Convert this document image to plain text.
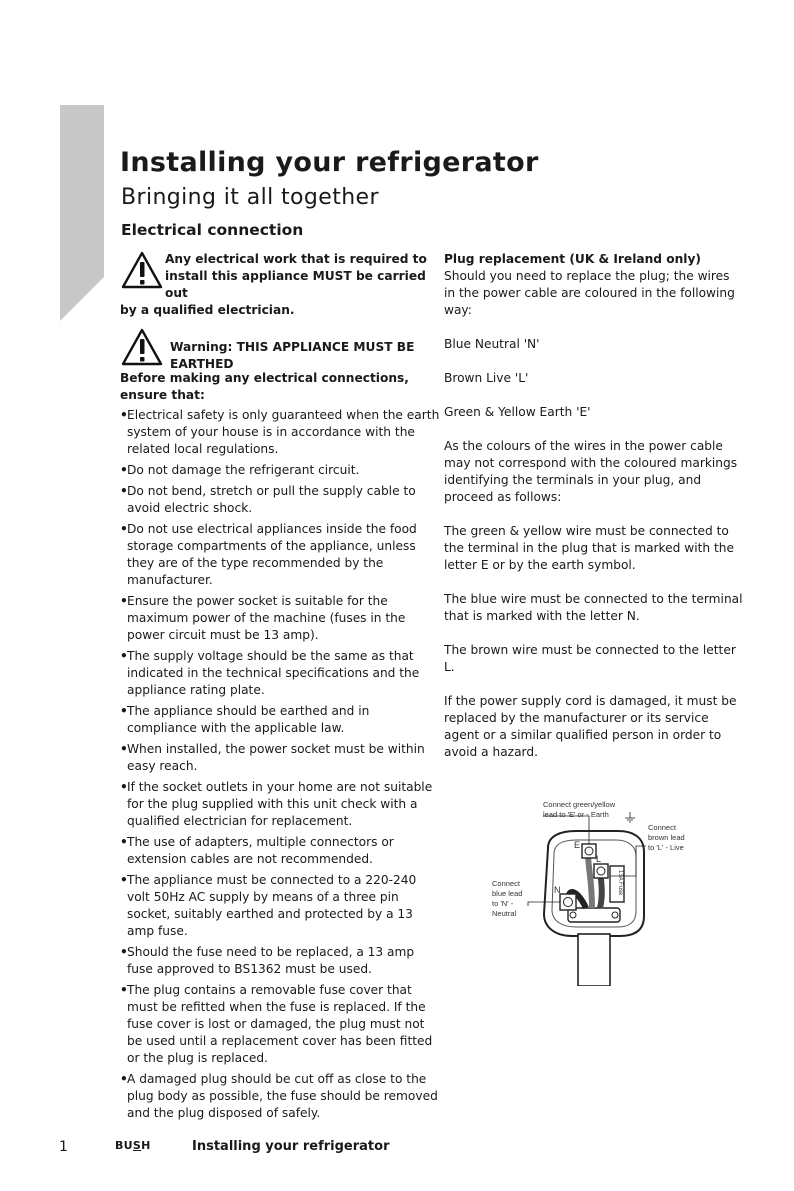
Installing your refrigerator
Bringing it all together
Electrical connection
Any electrical work that is required to
install this appliance MUST be carried out
by a qualified electrician.
Warning: THIS APPLIANCE MUST BE
EARTHED
Before making any electrical connections, ensure that:
• Electrical safety is only guaranteed when the earth system of your house is in accordance with the related local regulations.
• Do not damage the refrigerant circuit.
• Do not bend, stretch or pull the supply cable to avoid electric shock.
• Do not use electrical appliances inside the food storage compartments of the appliance, unless they are of the type recommended by the manufacturer.
• Ensure the power socket is suitable for the maximum power of the machine (fuses in the power circuit must be 13 amp).
• The supply voltage should be the same as that indicated in the technical specifications and the appliance rating plate.
• The appliance should be earthed and in compliance with the applicable law.
• When installed, the power socket must be within easy reach.
• If the socket outlets in your home are not suitable for the plug supplied with this unit check with a qualified electrician for replacement.
• The use of adapters, multiple connectors or extension cables are not recommended.
• The appliance must be connected to a 220-240 volt 50Hz AC supply by means of a three pin socket, suitably earthed and protected by a 13 amp fuse.
• Should the fuse need to be replaced, a 13 amp fuse approved to BS1362 must be used.
• The plug contains a removable fuse cover that must be refitted when the fuse is replaced. If the fuse cover is lost or damaged, the plug must not be used until a replacement cover has been fitted or the plug is replaced.
• A damaged plug should be cut off as close to the plug body as possible, the fuse should be removed and the plug disposed of safely.
Plug replacement (UK & Ireland only)

Should you need to replace the plug; the wires in the power cable are coloured in the following way:

Blue Neutral 'N'

Brown Live 'L'

Green & Yellow Earth 'E'

As the colours of the wires in the power cable may not correspond with the coloured markings identifying the terminals in your plug, and proceed as follows:

The green & yellow wire must be connected to the terminal in the plug that is marked with the letter E or by the earth symbol.

The blue wire must be connected to the terminal that is marked with the letter N.

The brown wire must be connected to the letter L.

If the power supply cord is damaged, it must be replaced by the manufacturer or its service agent or a similar qualified person in order to avoid a hazard.

13A Fuse
E
L
N
Connect green/yellow
lead to 'E' or - Earth
Connect
brown lead
to 'L' - Live
Connect
blue lead
to 'N' -
Neutral
1	BUSH	Installing your refrigerator
